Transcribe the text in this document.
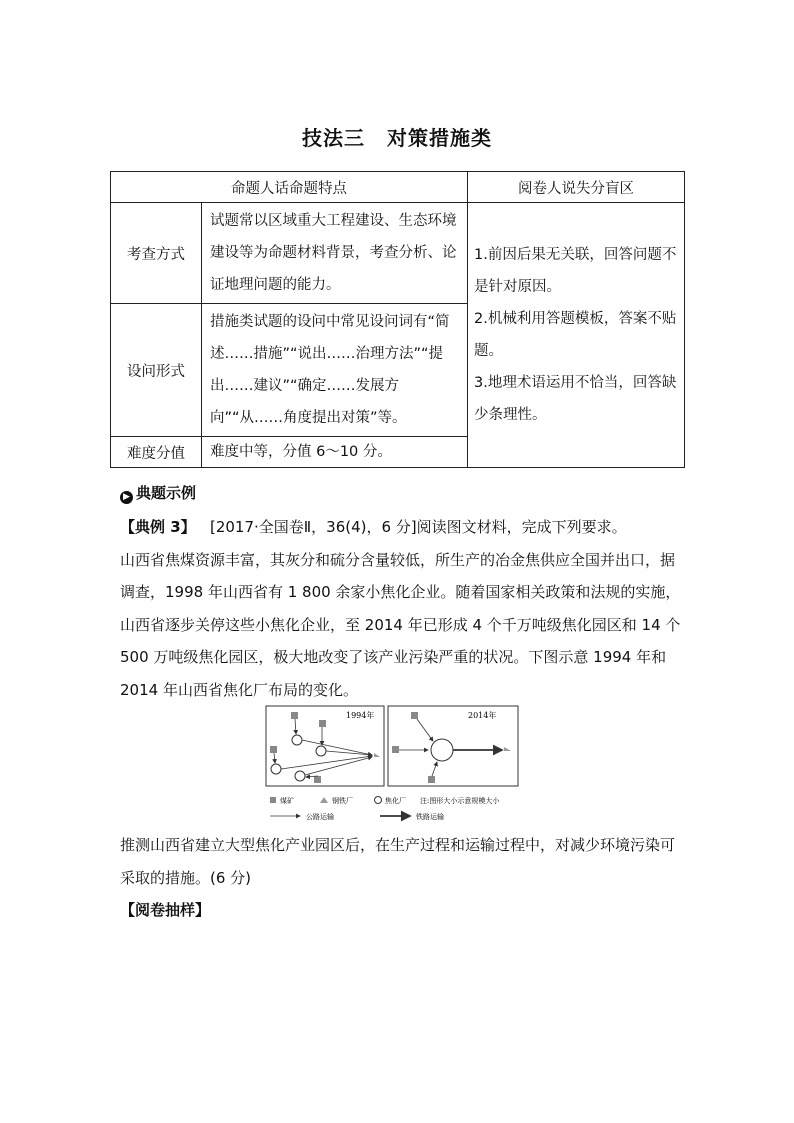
技法三 对策措施类
命题人话命题特点		阅卷人说失分盲区
考查方式	试题常以区域重大工程建设、生态环境建设等为命题材料背景，考查分析、论证地理问题的能力。	1.前因后果无关联，回答问题不是针对原因。
2.机械利用答题模板，答案不贴题。
3.地理术语运用不恰当，回答缺少条理性。

设问形式	措施类试题的设问中常见设问词有“简述……措施”“说出……治理方法”“提出……建议”“确定……发展方向”“从……角度提出对策”等。	
难度分值	难度中等，分值 6～10 分。	
▶ 典题示例
【典例 3】 [2017·全国卷Ⅱ，36(4)，6 分]阅读图文材料，完成下列要求。
山西省焦煤资源丰富，其灰分和硫分含量较低，所生产的冶金焦供应全国并出口，据调查，1998 年山西省有 1 800 余家小焦化企业。随着国家相关政策和法规的实施，山西省逐步关停这些小焦化企业，至 2014 年已形成 4 个千万吨级焦化园区和 14 个 500 万吨级焦化园区，极大地改变了该产业污染严重的状况。下图示意 1994 年和 2014 年山西省焦化厂布局的变化。
1994年	2014年
煤矿	钢铁厂	焦化厂 注:图形大小示意规模大小
公路运输	铁路运输
推测山西省建立大型焦化产业园区后，在生产过程和运输过程中，对减少环境污染可采取的措施。(6 分)
【阅卷抽样】
